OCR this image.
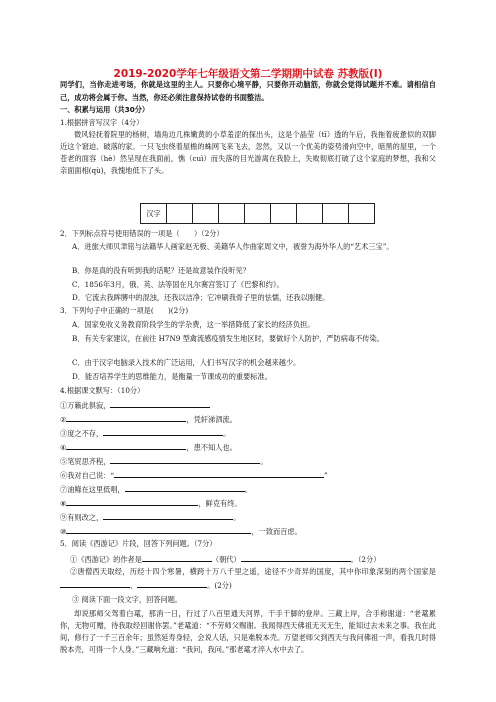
2019-2020学年七年级语文第二学期期中试卷 苏教版(I)
同学们，当你走进考场，你就是这里的主人。只要你心境平静，只要你开动脑筋，你就会觉得试题并不难。请相信自己，成功将会属于你。当然，你还必须注意保持试卷的书面整洁。
一、积累与运用（共30分）
1.根据拼音写汉字（4分）
微风轻抚着院里的杨树，墙角边几株嫩黄的小草羞涩的探出头，这是个晶莹（tī）透的午后，我拖着疲惫似的双脚近这个窘迫、破落的家。一只飞虫绕着屋檐的蛛网飞来飞去，忽然，又以一个优美的姿势滑向空中，暗黑的屋里，一个苍老的面容（hè）然呈现在我面前，憔（cuì）而失落的目光游离在我脸上，失败彻底打破了这个家庭的梦想，我和父亲面面相(qù)，我愧地低下了头。
汉字								
2．下列标点符号使用错误的一项是（　　）（2分）
A．进旅大师贝聿铭与法籍华人画家赵无极、美籍华人作曲家周文中，被誉为海外华人的“艺术三宝”。
B．你是真的没有听到我的话呢？还是故意装作没听见？
C．1856年3月，俄、英、法等国在凡尔赛宫签订了《巴黎和约》。
D．它流去我眸膊中的混浊，还我以洁净；它冲刷我骨子里的怯懦，还我以刚健。
3．下列句子中正确的一项是(　　)(2分)
A．国家免收义务教育阶段学生的学杂费，这一举措降低了家长的经济负担。
B．有关专家建议，在前往 H7N9 型禽流感疫情发生地区时，要做好个人防护，严防病毒不传染。
C．由于汉字电脑录入技术的广泛运用，人们书写汉字的机会越来越少。
D．能否培养学生的思维能力，是衡量一节课成功的重要标准。
4.根据课文默写：（10分）
①万籁此俱寂，
②	，凭轩涕泗流。
③度之不存，	。
④	，患不知人也。
⑤笔贸思齐程，	。
⑥我对自己说：“	”
⑦油鲦在这里低唱，	。
⑧	，鲜克有终。
⑨有则改之，	。
⑩	，一致而百虑。
5．阅读《西游记》片段，回答下列问题。（7分）
①《西游记》的作者是	（朝代）	。（2分）
②唐僧西天取经，历经十四个寒暑，横跨十万八千里之遥，途径不少奇异的国度，其中你印象深刻的两个国家是、	。(2分)
③ 阅读下面一段文字，回答问题。
却说那师父驾着白鼋，那消一日，行过了八百里通天河界，干手干脚的登岸。三藏上岸，合手称谢道：“老鼋累你，无物可赠，待我取经回谢你罢。”老鼋道：“不劳师父赐谢。我闻得西天佛祖无灭无生，能知过去未来之事。我在此间，修行了一千三百余年；虽然延寿身轻，会说人话，只是难脱本壳。万望老师父到西天与我问佛祖一声，看我几时得脱本壳，可得一个人身。”三藏响允道：“我问，我问。”那老鼋才淬入水中去了。
